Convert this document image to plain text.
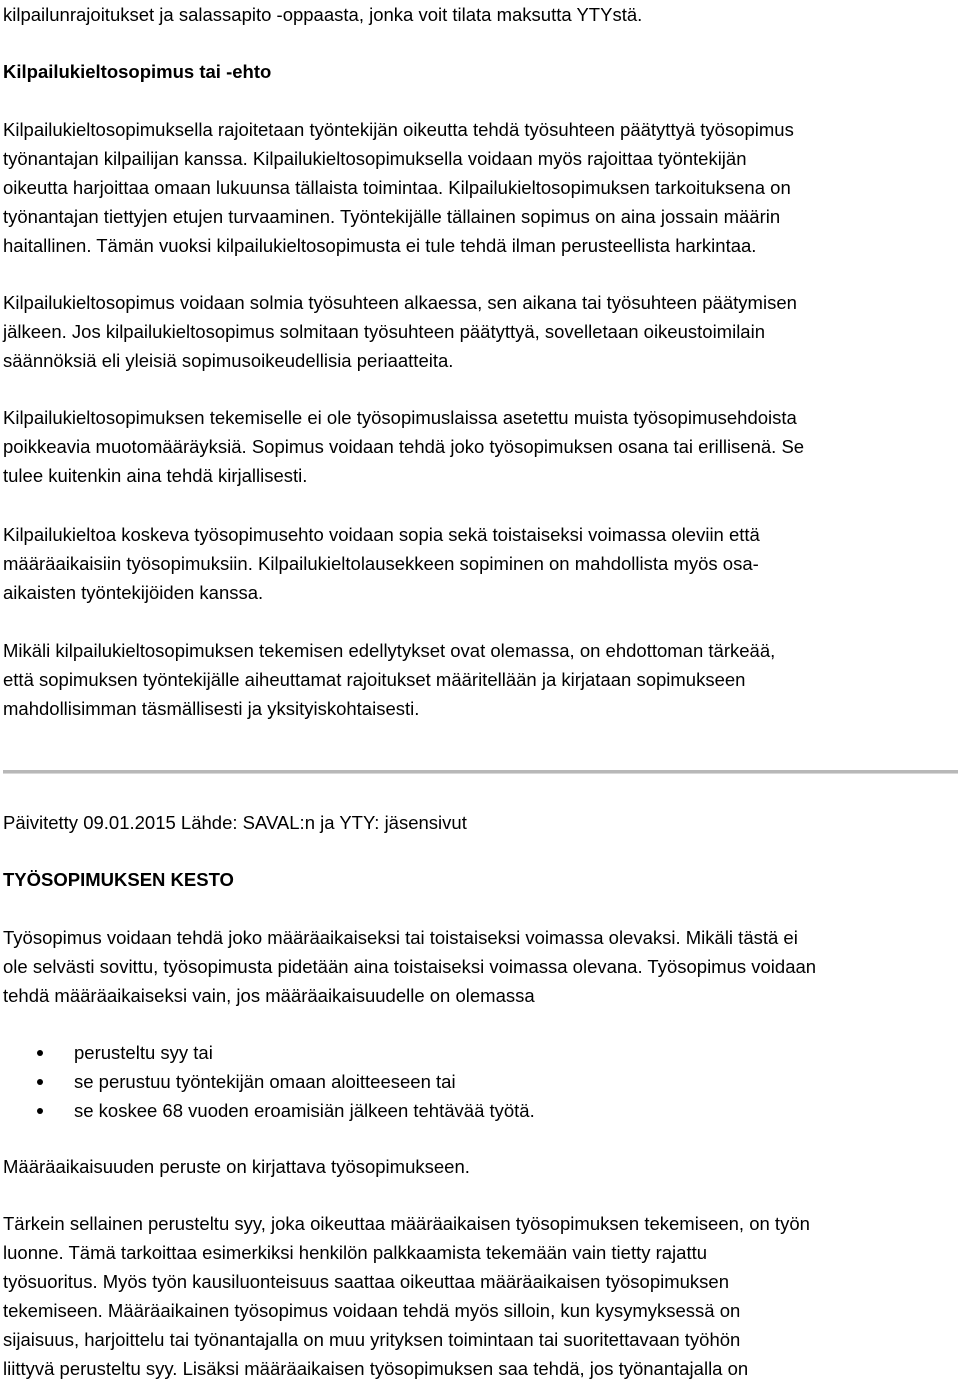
kilpailunrajoitukset ja salassapito -oppaasta, jonka voit tilata maksutta YTYstä.

Kilpailukieltosopimus tai -ehto

Kilpailukieltosopimuksella rajoitetaan työntekijän oikeutta tehdä työsuhteen päätyttyä työsopimus

työnantajan kilpailijan kanssa. Kilpailukieltosopimuksella voidaan myös rajoittaa työntekijän

oikeutta harjoittaa omaan lukuunsa tällaista toimintaa. Kilpailukieltosopimuksen tarkoituksena on

työnantajan tiettyjen etujen turvaaminen. Työntekijälle tällainen sopimus on aina jossain määrin

haitallinen. Tämän vuoksi kilpailukieltosopimusta ei tule tehdä ilman perusteellista harkintaa.

Kilpailukieltosopimus voidaan solmia työsuhteen alkaessa, sen aikana tai työsuhteen päätymisen

jälkeen. Jos kilpailukieltosopimus solmitaan työsuhteen päätyttyä, sovelletaan oikeustoimilain

säännöksiä eli yleisiä sopimusoikeudellisia periaatteita.

Kilpailukieltosopimuksen tekemiselle ei ole työsopimuslaissa asetettu muista työsopimusehdoista

poikkeavia muotomääräyksiä. Sopimus voidaan tehdä joko työsopimuksen osana tai erillisenä. Se

tulee kuitenkin aina tehdä kirjallisesti.

Kilpailukieltoa koskeva työsopimusehto voidaan sopia sekä toistaiseksi voimassa oleviin että

määräaikaisiin työsopimuksiin. Kilpailukieltolausekkeen sopiminen on mahdollista myös osa-

aikaisten työntekijöiden kanssa.

Mikäli kilpailukieltosopimuksen tekemisen edellytykset ovat olemassa, on ehdottoman tärkeää,

että sopimuksen työntekijälle aiheuttamat rajoitukset määritellään ja kirjataan sopimukseen

mahdollisimman täsmällisesti ja yksityiskohtaisesti.

Päivitetty 09.01.2015 Lähde: SAVAL:n ja YTY: jäsensivut

TYÖSOPIMUKSEN KESTO

Työsopimus voidaan tehdä joko määräaikaiseksi tai toistaiseksi voimassa olevaksi. Mikäli tästä ei

ole selvästi sovittu, työsopimusta pidetään aina toistaiseksi voimassa olevana. Työsopimus voidaan

tehdä määräaikaiseksi vain, jos määräaikaisuudelle on olemassa

perusteltu syy tai
se perustuu työntekijän omaan aloitteeseen tai
se koskee 68 vuoden eroamisiän jälkeen tehtävää työtä.

Määräaikaisuuden peruste on kirjattava työsopimukseen.

Tärkein sellainen perusteltu syy, joka oikeuttaa määräaikaisen työsopimuksen tekemiseen, on työn

luonne. Tämä tarkoittaa esimerkiksi henkilön palkkaamista tekemään vain tietty rajattu

työsuoritus. Myös työn kausiluonteisuus saattaa oikeuttaa määräaikaisen työsopimuksen

tekemiseen. Määräaikainen työsopimus voidaan tehdä myös silloin, kun kysymyksessä on

sijaisuus, harjoittelu tai työnantajalla on muu yrityksen toimintaan tai suoritettavaan työhön

liittyvä perusteltu syy. Lisäksi määräaikaisen työsopimuksen saa tehdä, jos työnantajalla on
